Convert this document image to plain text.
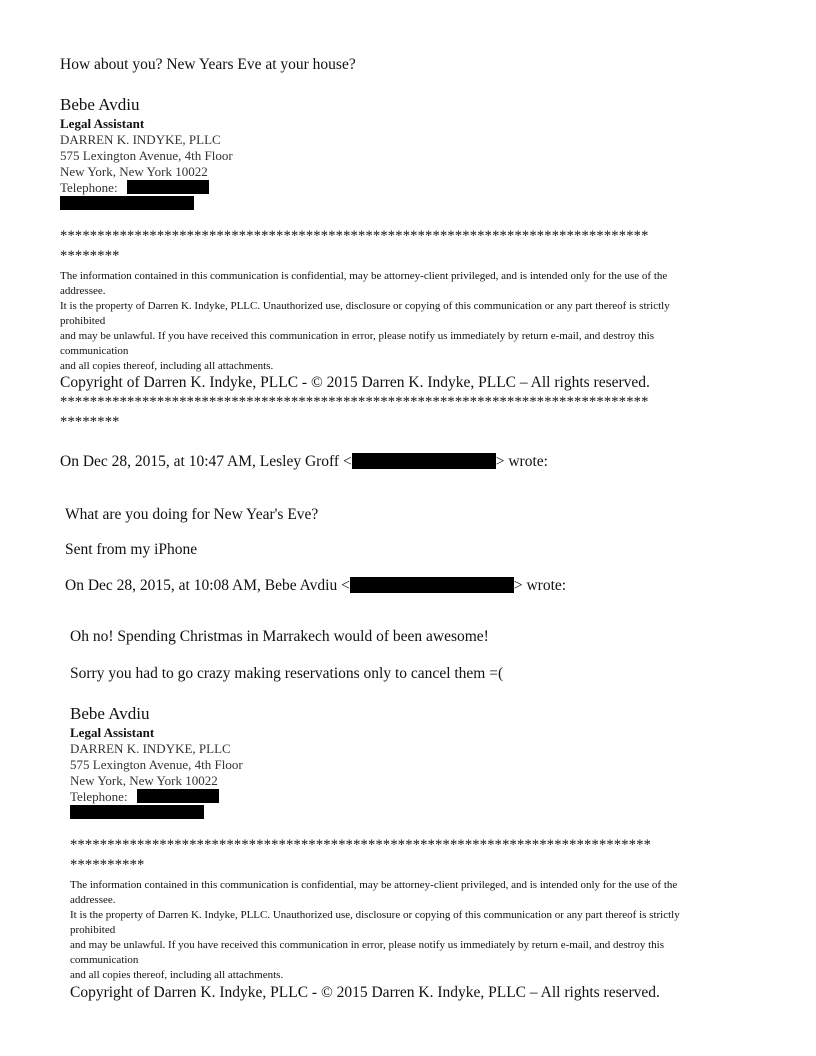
How about you? New Years Eve at your house?
Bebe Avdiu
Legal Assistant
DARREN K. INDYKE, PLLC
575 Lexington Avenue, 4th Floor
New York, New York 10022
Telephone:
*******************************************************************************
********
The information contained in this communication is confidential, may be attorney-client privileged, and is intended only for the use of the
addressee.
It is the property of Darren K. Indyke, PLLC. Unauthorized use, disclosure or copying of this communication or any part thereof is strictly
prohibited
and may be unlawful. If you have received this communication in error, please notify us immediately by return e-mail, and destroy this
communication
and all copies thereof, including all attachments.
Copyright of Darren K. Indyke, PLLC - © 2015 Darren K. Indyke, PLLC – All rights reserved.
*******************************************************************************
********
On Dec 28, 2015, at 10:47 AM, Lesley Groff <	> wrote:
What are you doing for New Year's Eve?
Sent from my iPhone
On Dec 28, 2015, at 10:08 AM, Bebe Avdiu <	> wrote:
Oh no! Spending Christmas in Marrakech would of been awesome!
Sorry you had to go crazy making reservations only to cancel them =(
Bebe Avdiu
Legal Assistant
DARREN K. INDYKE, PLLC
575 Lexington Avenue, 4th Floor
New York, New York 10022
Telephone:
******************************************************************************
**********
The information contained in this communication is confidential, may be attorney-client privileged, and is intended only for the use of the
addressee.
It is the property of Darren K. Indyke, PLLC. Unauthorized use, disclosure or copying of this communication or any part thereof is strictly
prohibited
and may be unlawful. If you have received this communication in error, please notify us immediately by return e-mail, and destroy this
communication
and all copies thereof, including all attachments.
Copyright of Darren K. Indyke, PLLC - © 2015 Darren K. Indyke, PLLC – All rights reserved.
